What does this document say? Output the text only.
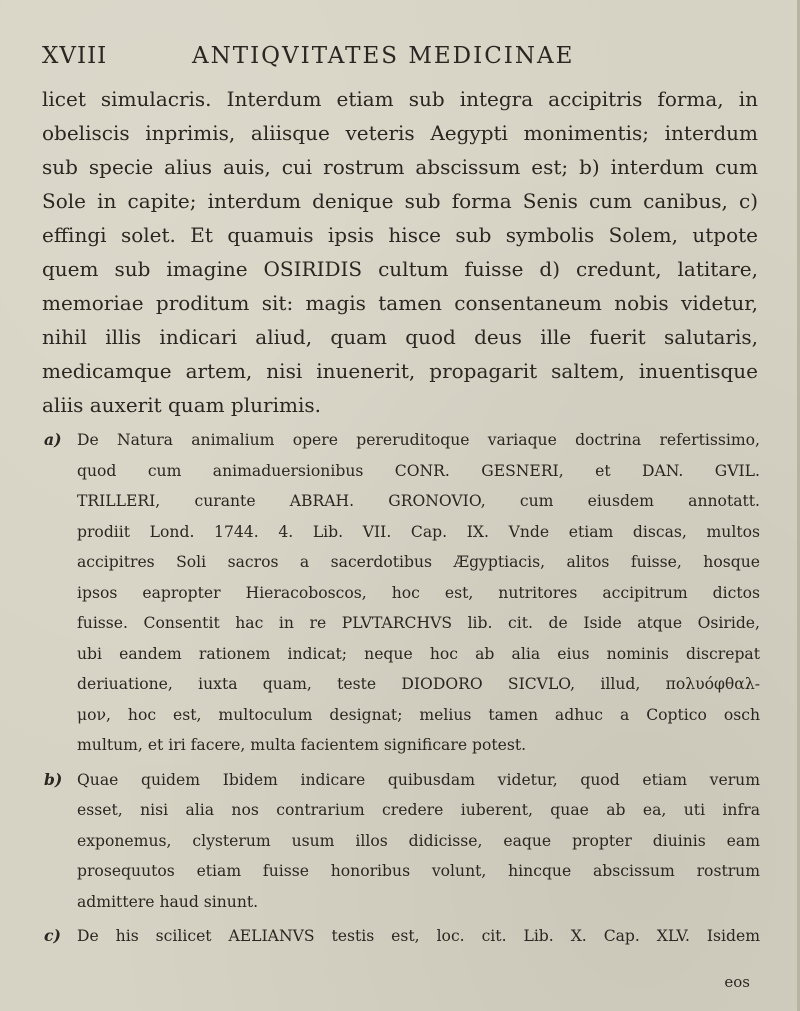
XVIII	ANTIQVITATES MEDICINAE
licet simulacris. Interdum etiam sub integra accipitris forma, in
obeliscis inprimis, aliisque veteris Aegypti monimentis; interdum
sub specie alius auis, cui rostrum abscissum est; b) interdum cum
Sole in capite; interdum denique sub forma Senis cum canibus, c)
effingi solet. Et quamuis ipsis hisce sub symbolis Solem, utpote
quem sub imagine OSIRIDIS cultum fuisse d) credunt, latitare,
memoriae proditum sit: magis tamen consentaneum nobis videtur,
nihil illis indicari aliud, quam quod deus ille fuerit salutaris,
medicamque artem, nisi inuenerit, propagarit saltem, inuentisque
aliis auxerit quam plurimis.
a) De Natura animalium opere pereruditoque variaque doctrina refertissimo,
quod cum animaduersionibus CONR. GESNERI, et DAN. GVIL.
TRILLERI, curante ABRAH. GRONOVIO, cum eiusdem annotatt.
prodiit Lond. 1744. 4. Lib. VII. Cap. IX. Vnde etiam discas, multos
accipitres Soli sacros a sacerdotibus Ægyptiacis, alitos fuisse, hosque
ipsos eapropter Hieracoboscos, hoc est, nutritores accipitrum dictos
fuisse. Consentit hac in re PLVTARCHVS lib. cit. de Iside atque Osiride,
ubi eandem rationem indicat; neque hoc ab alia eius nominis discrepat
deriuatione, iuxta quam, teste DIODORO SICVLO, illud, πολυόφθαλ-
μον, hoc est, multoculum designat; melius tamen adhuc a Coptico osch
multum, et iri facere, multa facientem significare potest.
b) Quae quidem Ibidem indicare quibusdam videtur, quod etiam verum
esset, nisi alia nos contrarium credere iuberent, quae ab ea, uti infra
exponemus, clysterum usum illos didicisse, eaque propter diuinis eam
prosequutos etiam fuisse honoribus volunt, hincque abscissum rostrum
admittere haud sinunt.
c) De his scilicet AELIANVS testis est, loc. cit. Lib. X. Cap. XLV. Isidem
eos
